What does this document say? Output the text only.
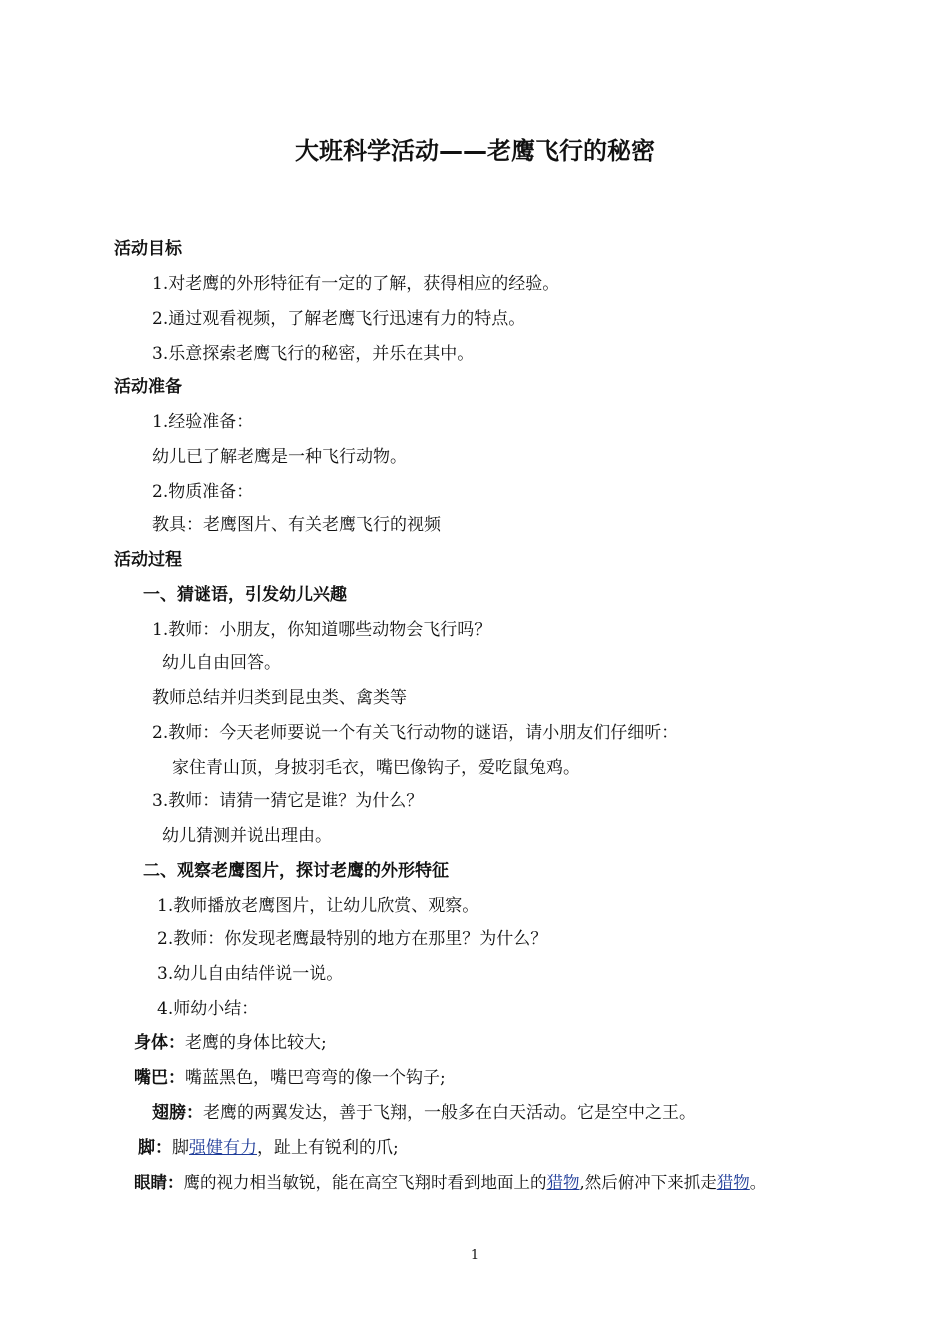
大班科学活动——老鹰飞行的秘密
活动目标
1.对老鹰的外形特征有一定的了解，获得相应的经验。
2.通过观看视频，了解老鹰飞行迅速有力的特点。
3.乐意探索老鹰飞行的秘密，并乐在其中。
活动准备
1.经验准备：
幼儿已了解老鹰是一种飞行动物。
2.物质准备：
教具：老鹰图片、有关老鹰飞行的视频
活动过程
一、猜谜语，引发幼儿兴趣
1.教师：小朋友，你知道哪些动物会飞行吗？
幼儿自由回答。
教师总结并归类到昆虫类、禽类等
2.教师：今天老师要说一个有关飞行动物的谜语，请小朋友们仔细听：
家住青山顶，身披羽毛衣，嘴巴像钩子，爱吃鼠兔鸡。
3.教师：请猜一猜它是谁？为什么？
幼儿猜测并说出理由。
二、观察老鹰图片，探讨老鹰的外形特征
1.教师播放老鹰图片，让幼儿欣赏、观察。
2.教师：你发现老鹰最特别的地方在那里？为什么？
3.幼儿自由结伴说一说。
4.师幼小结：
身体：老鹰的身体比较大;
嘴巴：嘴蓝黑色，嘴巴弯弯的像一个钩子;
翅膀：老鹰的两翼发达，善于飞翔，一般多在白天活动。它是空中之王。
脚：脚强健有力，趾上有锐利的爪;
眼睛：鹰的视力相当敏锐，能在高空飞翔时看到地面上的猎物,然后俯冲下来抓走猎物。
1
